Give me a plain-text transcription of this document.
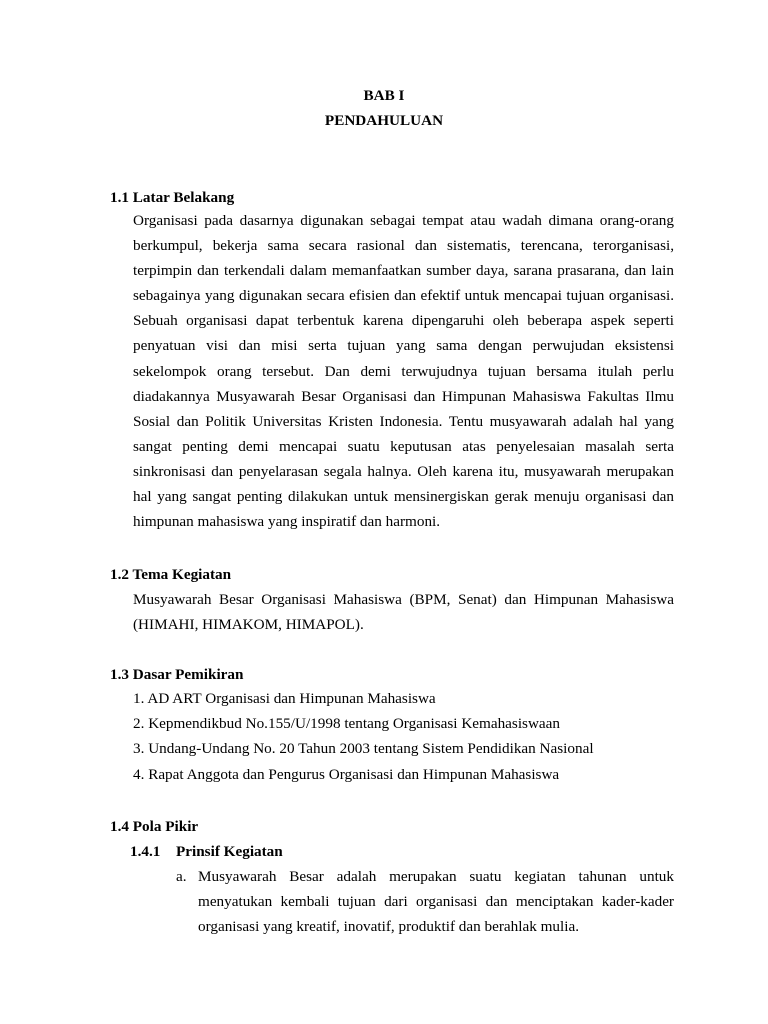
BAB I
PENDAHULUAN
1.1 Latar Belakang

Organisasi pada dasarnya digunakan sebagai tempat atau wadah dimana orang-orang berkumpul, bekerja sama secara rasional dan sistematis, terencana, terorganisasi, terpimpin dan terkendali dalam memanfaatkan sumber daya, sarana prasarana, dan lain sebagainya yang digunakan secara efisien dan efektif untuk mencapai tujuan organisasi. Sebuah organisasi dapat terbentuk karena dipengaruhi oleh beberapa aspek seperti penyatuan visi dan misi serta tujuan yang sama dengan perwujudan eksistensi sekelompok orang tersebut. Dan demi terwujudnya tujuan bersama itulah perlu diadakannya Musyawarah Besar Organisasi dan Himpunan Mahasiswa Fakultas Ilmu Sosial dan Politik Universitas Kristen Indonesia. Tentu musyawarah adalah hal yang sangat penting demi mencapai suatu keputusan atas penyelesaian masalah serta sinkronisasi dan penyelarasan segala halnya. Oleh karena itu, musyawarah merupakan hal yang sangat penting dilakukan untuk mensinergiskan gerak menuju organisasi dan himpunan mahasiswa yang inspiratif dan harmoni.

1.2 Tema Kegiatan

Musyawarah Besar Organisasi Mahasiswa (BPM, Senat) dan Himpunan Mahasiswa (HIMAHI, HIMAKOM, HIMAPOL).

1.3 Dasar Pemikiran
1. AD ART Organisasi dan Himpunan Mahasiswa
2. Kepmendikbud No.155/U/1998 tentang Organisasi Kemahasiswaan
3. Undang-Undang No. 20 Tahun 2003 tentang Sistem Pendidikan Nasional
4. Rapat Anggota dan Pengurus Organisasi dan Himpunan Mahasiswa
1.4 Pola Pikir
1.4.1 Prinsif Kegiatan
a. Musyawarah Besar adalah merupakan suatu kegiatan tahunan untuk menyatukan kembali tujuan dari organisasi dan menciptakan kader-kader organisasi yang kreatif, inovatif, produktif dan berahlak mulia.
